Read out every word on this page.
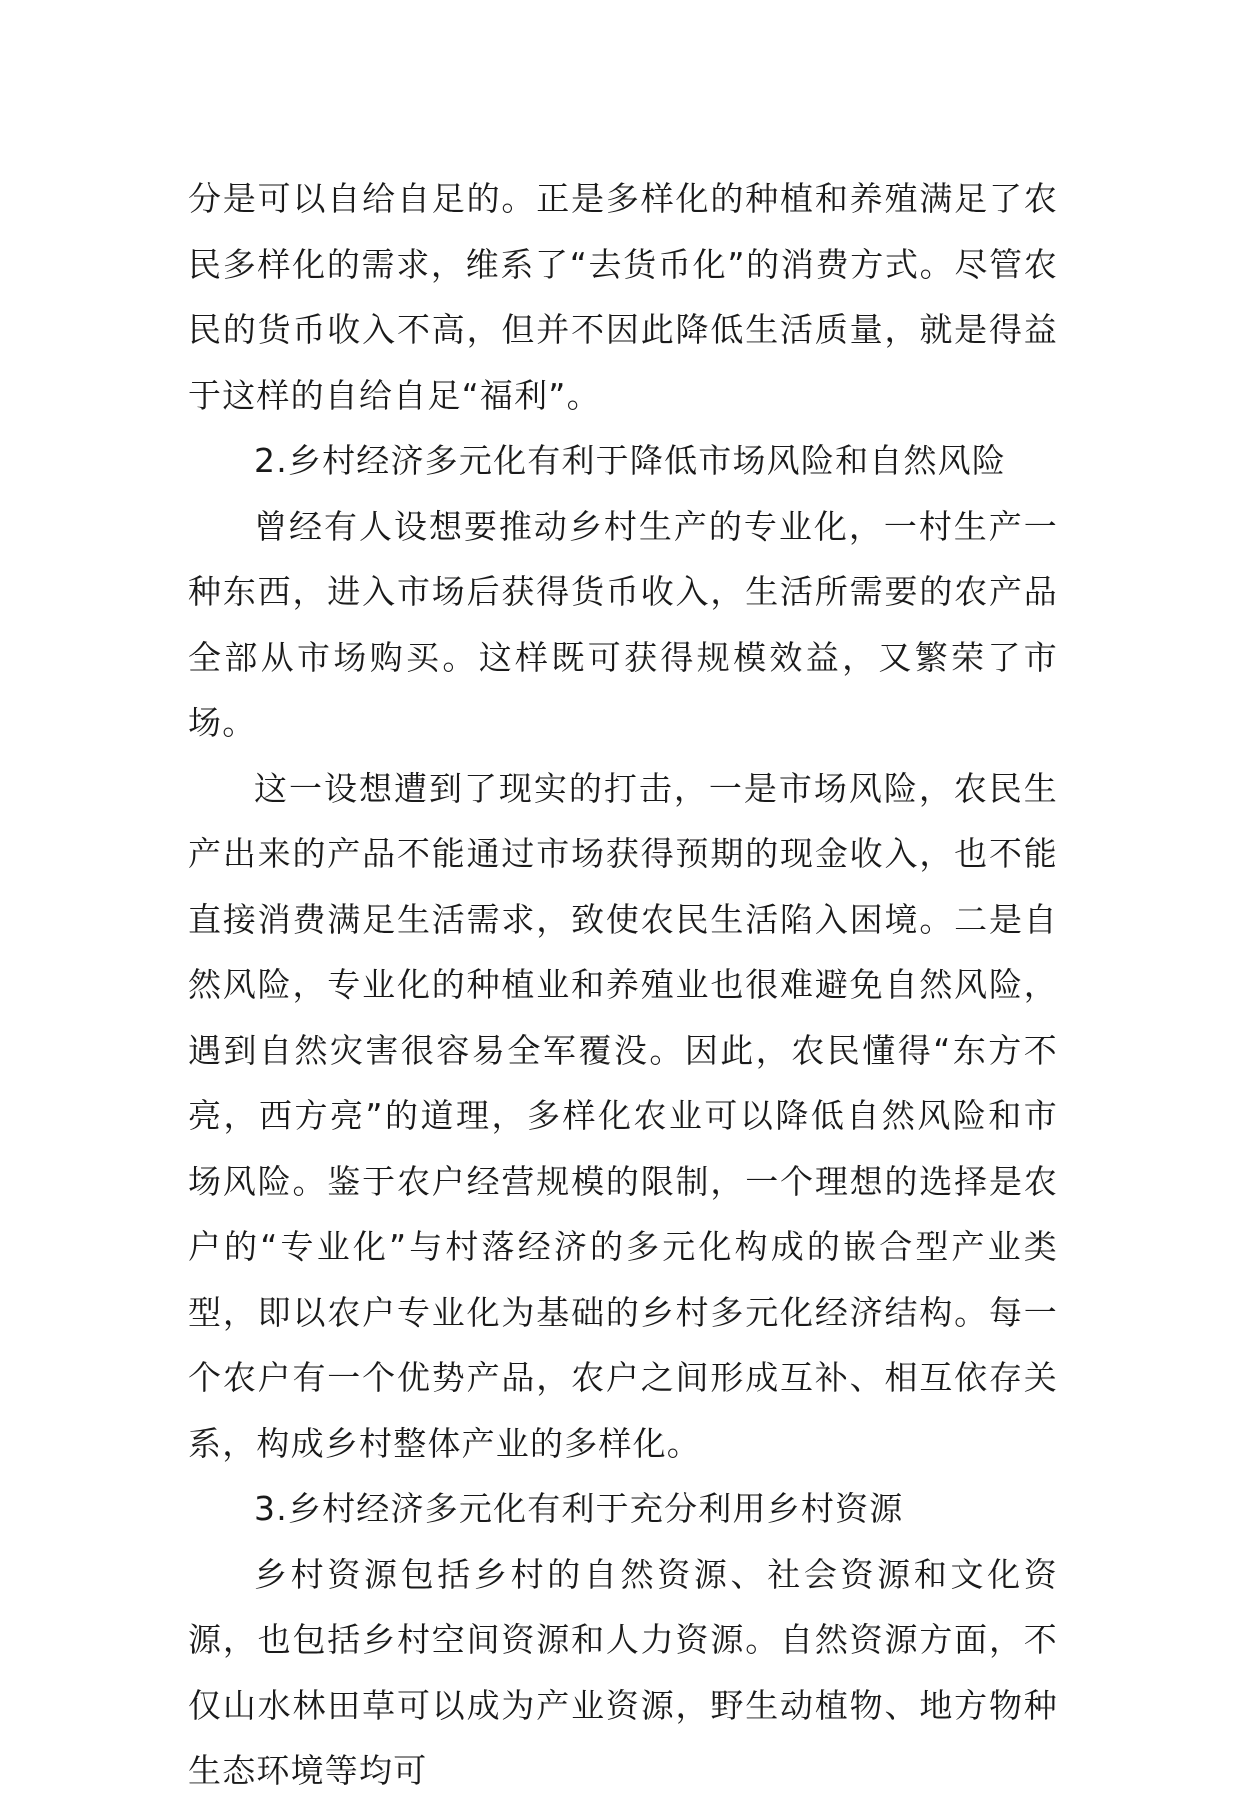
分是可以自给自足的。正是多样化的种植和养殖满足了农民多样化的需求，维系了“去货币化”的消费方式。尽管农民的货币收入不高，但并不因此降低生活质量，就是得益于这样的自给自足“福利”。

2.乡村经济多元化有利于降低市场风险和自然风险

曾经有人设想要推动乡村生产的专业化，一村生产一种东西，进入市场后获得货币收入，生活所需要的农产品全部从市场购买。这样既可获得规模效益，又繁荣了市场。

这一设想遭到了现实的打击，一是市场风险，农民生产出来的产品不能通过市场获得预期的现金收入，也不能直接消费满足生活需求，致使农民生活陷入困境。二是自然风险，专业化的种植业和养殖业也很难避免自然风险，遇到自然灾害很容易全军覆没。因此，农民懂得“东方不亮，西方亮”的道理，多样化农业可以降低自然风险和市场风险。鉴于农户经营规模的限制，一个理想的选择是农户的“专业化”与村落经济的多元化构成的嵌合型产业类型，即以农户专业化为基础的乡村多元化经济结构。每一个农户有一个优势产品，农户之间形成互补、相互依存关系，构成乡村整体产业的多样化。

3.乡村经济多元化有利于充分利用乡村资源

乡村资源包括乡村的自然资源、社会资源和文化资源，也包括乡村空间资源和人力资源。自然资源方面，不仅山水林田草可以成为产业资源，野生动植物、地方物种生态环境等均可
